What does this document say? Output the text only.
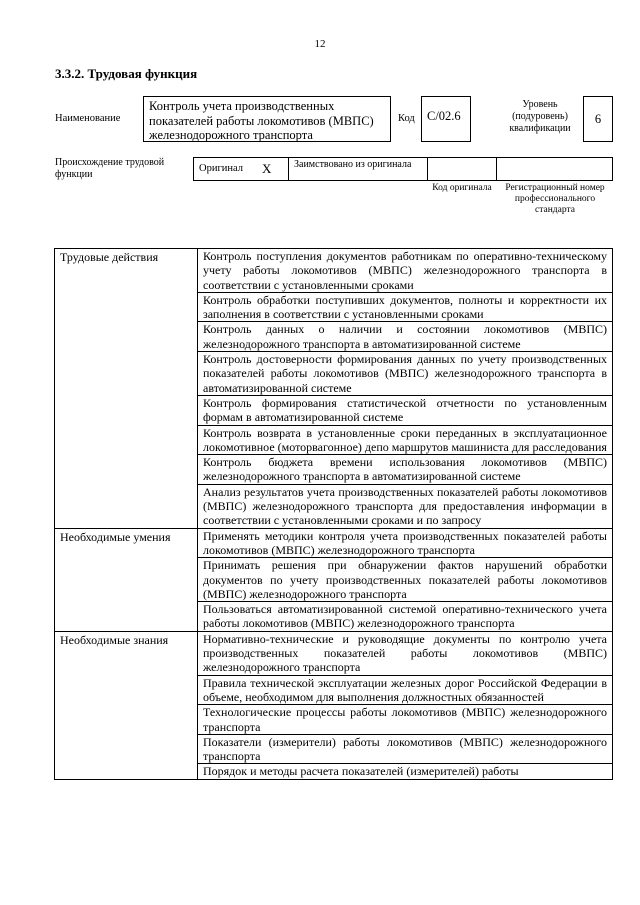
12
3.3.2. Трудовая функция
Наименование
Контроль учета производственных показателей работы локомотивов (МВПС) железнодорожного транспорта
Код C/02.6
Уровень (подуровень) квалификации
6
Происхождение трудовой функции
Оригинал X Заимствовано из оригинала
Код оригинала	Регистрационный номер профессионального стандарта
Трудовые действия	Контроль поступления документов работникам по оперативно-техническому учету работы локомотивов (МВПС) железнодорожного транспорта в соответствии с установленными сроками
	Контроль обработки поступивших документов, полноты и корректности их заполнения в соответствии с установленными сроками
	Контроль данных о наличии и состоянии локомотивов (МВПС) железнодорожного транспорта в автоматизированной системе
	Контроль достоверности формирования данных по учету производственных показателей работы локомотивов (МВПС) железнодорожного транспорта в автоматизированной системе
	Контроль формирования статистической отчетности по установленным формам в автоматизированной системе
	Контроль возврата в установленные сроки переданных в эксплуатационное локомотивное (моторвагонное) депо маршрутов машиниста для расследования
	Контроль бюджета времени использования локомотивов (МВПС) железнодорожного транспорта в автоматизированной системе
	Анализ результатов учета производственных показателей работы локомотивов (МВПС) железнодорожного транспорта для предоставления информации в соответствии с установленными сроками и по запросу
Необходимые умения	Применять методики контроля учета производственных показателей работы локомотивов (МВПС) железнодорожного транспорта
	Принимать решения при обнаружении фактов нарушений обработки документов по учету производственных показателей работы локомотивов (МВПС) железнодорожного транспорта
	Пользоваться автоматизированной системой оперативно-технического учета работы локомотивов (МВПС) железнодорожного транспорта
Необходимые знания	Нормативно-технические и руководящие документы по контролю учета производственных показателей работы локомотивов (МВПС) железнодорожного транспорта
	Правила технической эксплуатации железных дорог Российской Федерации в объеме, необходимом для выполнения должностных обязанностей
	Технологические процессы работы локомотивов (МВПС) железнодорожного транспорта
	Показатели (измерители) работы локомотивов (МВПС) железнодорожного транспорта
	Порядок и методы расчета показателей (измерителей) работы
